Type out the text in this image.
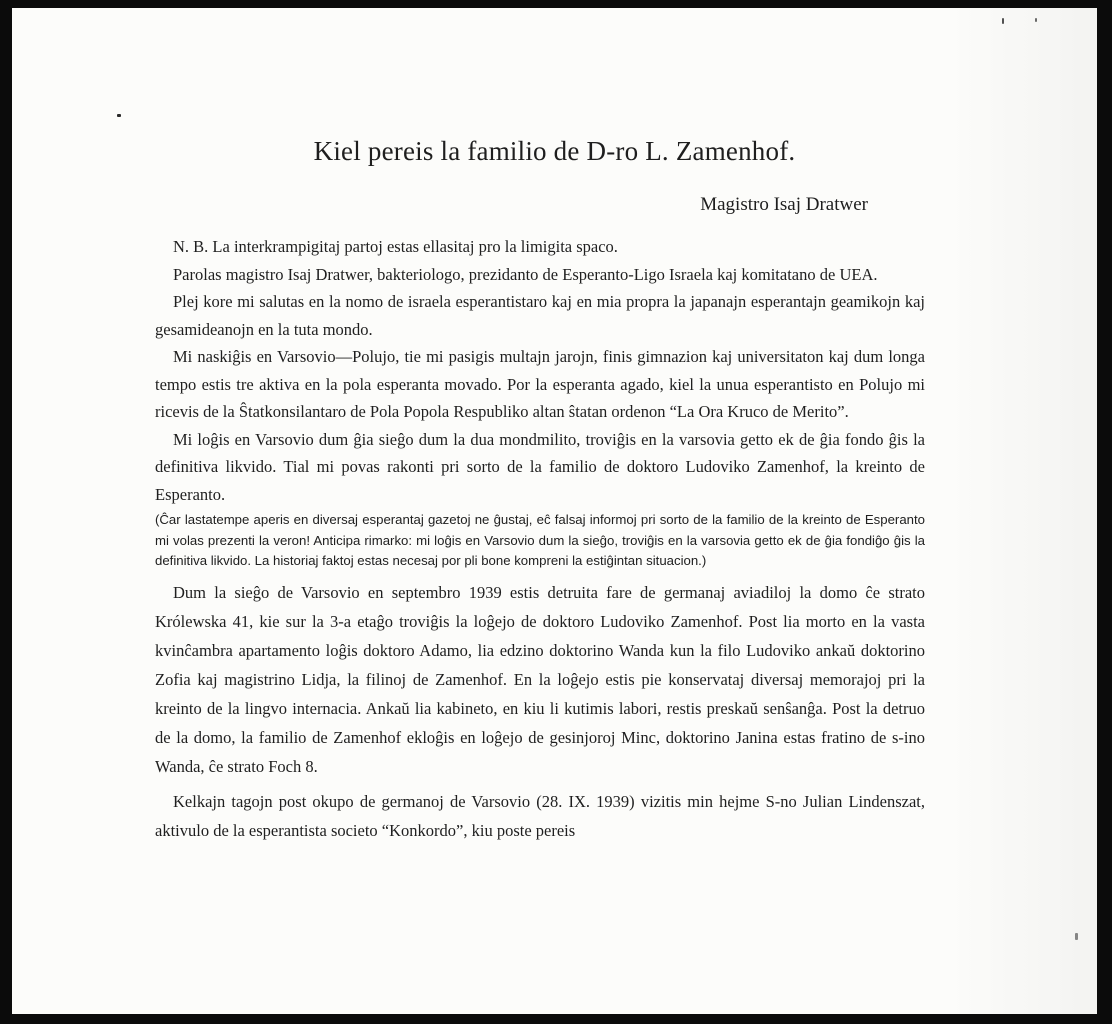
Kiel pereis la familio de D-ro L. Zamenhof.
Magistro Isaj Dratwer

N. B. La interkrampigitaj partoj estas ellasitaj pro la limigita spaco.

Parolas magistro Isaj Dratwer, bakteriologo, prezidanto de Esperanto-Ligo Israela kaj komitatano de UEA.

Plej kore mi salutas en la nomo de israela esperantistaro kaj en mia propra la japanajn esperantajn geamikojn kaj gesamideanojn en la tuta mondo.

Mi naskiĝis en Varsovio—Polujo, tie mi pasigis multajn jarojn, finis gimnazion kaj universitaton kaj dum longa tempo estis tre aktiva en la pola esperanta movado. Por la esperanta agado, kiel la unua esperantisto en Polujo mi ricevis de la Ŝtatkonsilantaro de Pola Popola Respubliko altan ŝtatan ordenon “La Ora Kruco de Merito”.

Mi loĝis en Varsovio dum ĝia sieĝo dum la dua mondmilito, troviĝis en la varsovia getto ek de ĝia fondo ĝis la definitiva likvido. Tial mi povas rakonti pri sorto de la familio de doktoro Ludoviko Zamenhof, la kreinto de Esperanto.

(Ĉar lastatempe aperis en diversaj esperantaj gazetoj ne ĝustaj, eĉ falsaj informoj pri sorto de la familio de la kreinto de Esperanto mi volas prezenti la veron! Anticipa rimarko: mi loĝis en Varsovio dum la sieĝo, troviĝis en la varsovia getto ek de ĝia fondiĝo ĝis la definitiva likvido. La historiaj faktoj estas necesaj por pli bone kompreni la estiĝintan situacion.)

Dum la sieĝo de Varsovio en septembro 1939 estis detruita fare de germanaj aviadiloj la domo ĉe strato Królewska 41, kie sur la 3-a etaĝo troviĝis la loĝejo de doktoro Ludoviko Zamenhof. Post lia morto en la vasta kvinĉambra apartamento loĝis doktoro Adamo, lia edzino doktorino Wanda kun la filo Ludoviko ankaŭ doktorino Zofia kaj magistrino Lidja, la filinoj de Zamenhof. En la loĝejo estis pie konservataj diversaj memorajoj pri la kreinto de la lingvo internacia. Ankaŭ lia kabineto, en kiu li kutimis labori, restis preskaŭ senŝanĝa. Post la detruo de la domo, la familio de Zamenhof ekloĝis en loĝejo de gesinjoroj Minc, doktorino Janina estas fratino de s-ino Wanda, ĉe strato Foch 8.

Kelkajn tagojn post okupo de germanoj de Varsovio (28. IX. 1939) vizitis min hejme S-no Julian Lindenszat, aktivulo de la esperantista societo “Konkordo”, kiu poste pereis
